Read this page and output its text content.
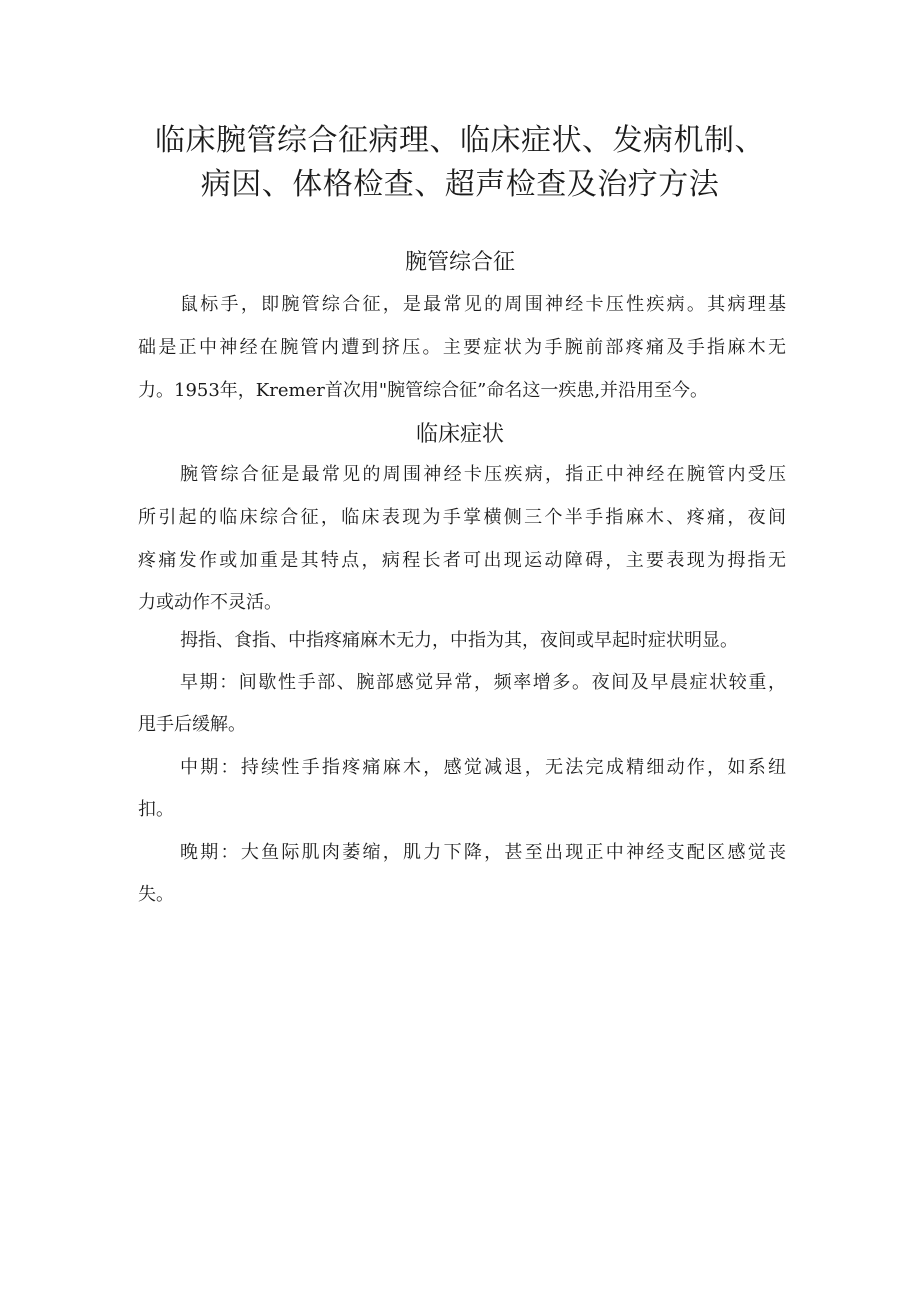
临床腕管综合征病理、临床症状、发病机制、
病因、体格检查、超声检查及治疗方法
腕管综合征

鼠标手，即腕管综合征，是最常见的周围神经卡压性疾病。其病理基

础是正中神经在腕管内遭到挤压。主要症状为手腕前部疼痛及手指麻木无

力。1953年，Kremer首次用"腕管综合征”命名这一疾患,并沿用至今。

临床症状

腕管综合征是最常见的周围神经卡压疾病，指正中神经在腕管内受压

所引起的临床综合征，临床表现为手掌横侧三个半手指麻木、疼痛，夜间

疼痛发作或加重是其特点，病程长者可出现运动障碍，主要表现为拇指无

力或动作不灵活。

拇指、食指、中指疼痛麻木无力，中指为其，夜间或早起时症状明显。

早期：间歇性手部、腕部感觉异常，频率增多。夜间及早晨症状较重，

甩手后缓解。

中期：持续性手指疼痛麻木，感觉减退，无法完成精细动作，如系纽

扣。

晚期：大鱼际肌肉萎缩，肌力下降，甚至出现正中神经支配区感觉丧

失。
